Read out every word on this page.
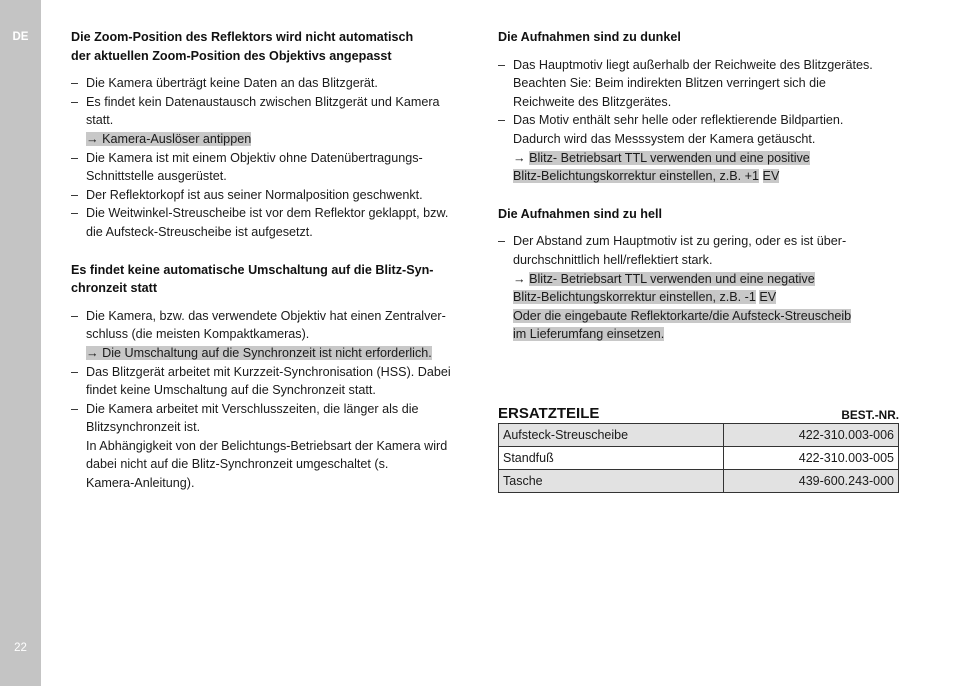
DE
22
Die Zoom-Position des Reflektors wird nicht automatisch
der aktuellen Zoom-Position des Objektivs angepasst
– Die Kamera überträgt keine Daten an das Blitzgerät.
– Es findet kein Datenaustausch zwischen Blitzgerät und Kamera
statt.
→ Kamera-Auslöser antippen
– Die Kamera ist mit einem Objektiv ohne Datenübertragungs-
Schnittstelle ausgerüstet.
– Der Reflektorkopf ist aus seiner Normalposition geschwenkt.
– Die Weitwinkel-Streuscheibe ist vor dem Reflektor geklappt, bzw.
die Aufsteck-Streuscheibe ist aufgesetzt.
Es findet keine automatische Umschaltung auf die Blitz-Syn-
chronzeit statt
– Die Kamera, bzw. das verwendete Objektiv hat einen Zentralver-
schluss (die meisten Kompaktkameras).
→ Die Umschaltung auf die Synchronzeit ist nicht erforderlich.
– Das Blitzgerät arbeitet mit Kurzzeit-Synchronisation (HSS). Dabei
findet keine Umschaltung auf die Synchronzeit statt.
– Die Kamera arbeitet mit Verschlusszeiten, die länger als die
Blitzsynchronzeit ist.
In Abhängigkeit von der Belichtungs-Betriebsart der Kamera wird
dabei nicht auf die Blitz-Synchronzeit umgeschaltet (s.
Kamera-Anleitung).
Die Aufnahmen sind zu dunkel
– Das Hauptmotiv liegt außerhalb der Reichweite des Blitzgerätes.
Beachten Sie: Beim indirekten Blitzen verringert sich die
Reichweite des Blitzgerätes.
– Das Motiv enthält sehr helle oder reflektierende Bildpartien.
Dadurch wird das Messsystem der Kamera getäuscht.
→ Blitz- Betriebsart TTL verwenden und eine positive
Blitz-Belichtungskorrektur einstellen, z.B. +1 EV
Die Aufnahmen sind zu hell
– Der Abstand zum Hauptmotiv ist zu gering, oder es ist über-
durchschnittlich hell/reflektiert stark.
→ Blitz- Betriebsart TTL verwenden und eine negative
Blitz-Belichtungskorrektur einstellen, z.B. -1 EV
Oder die eingebaute Reflektorkarte/die Aufsteck-Streuscheib
im Lieferumfang einsetzen.
ERSATZTEILE	BEST.-NR.
Aufsteck-Streuscheibe	422-310.003-006
Standfuß	422-310.003-005
Tasche	439-600.243-000
